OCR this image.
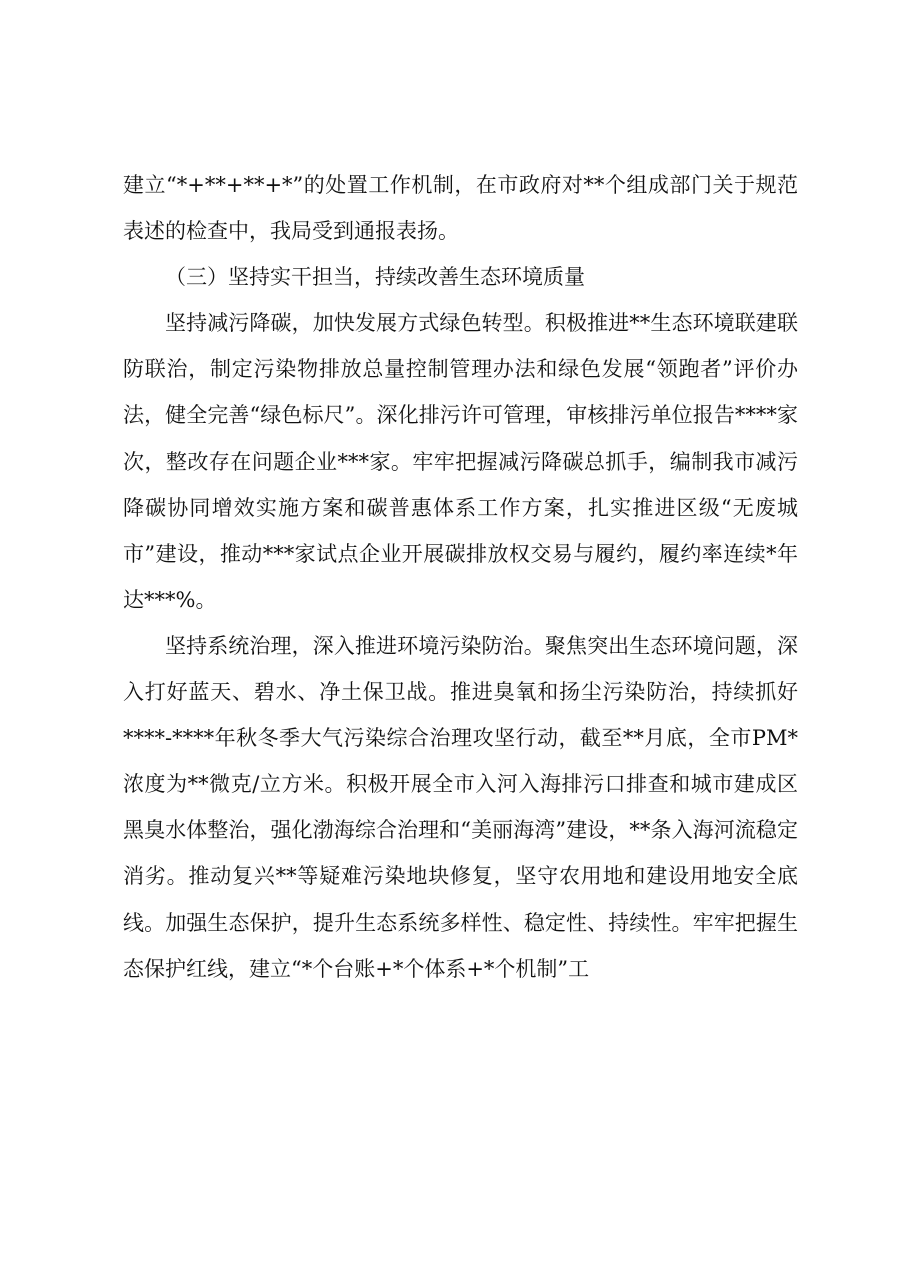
建立“*+**+**+*”的处置工作机制，在市政府对**个组成部门关于规范表述的检查中，我局受到通报表扬。

（三）坚持实干担当，持续改善生态环境质量

坚持减污降碳，加快发展方式绿色转型。积极推进**生态环境联建联防联治，制定污染物排放总量控制管理办法和绿色发展“领跑者”评价办法，健全完善“绿色标尺”。深化排污许可管理，审核排污单位报告****家次，整改存在问题企业***家。牢牢把握减污降碳总抓手，编制我市减污降碳协同增效实施方案和碳普惠体系工作方案，扎实推进区级“无废城市”建设，推动***家试点企业开展碳排放权交易与履约，履约率连续*年达***%。

坚持系统治理，深入推进环境污染防治。聚焦突出生态环境问题，深入打好蓝天、碧水、净土保卫战。推进臭氧和扬尘污染防治，持续抓好****-****年秋冬季大气污染综合治理攻坚行动，截至**月底，全市PM*浓度为**微克/立方米。积极开展全市入河入海排污口排查和城市建成区黑臭水体整治，强化渤海综合治理和“美丽海湾”建设，**条入海河流稳定消劣。推动复兴**等疑难污染地块修复，坚守农用地和建设用地安全底线。加强生态保护，提升生态系统多样性、稳定性、持续性。牢牢把握生态保护红线，建立“*个台账+*个体系+*个机制”工
